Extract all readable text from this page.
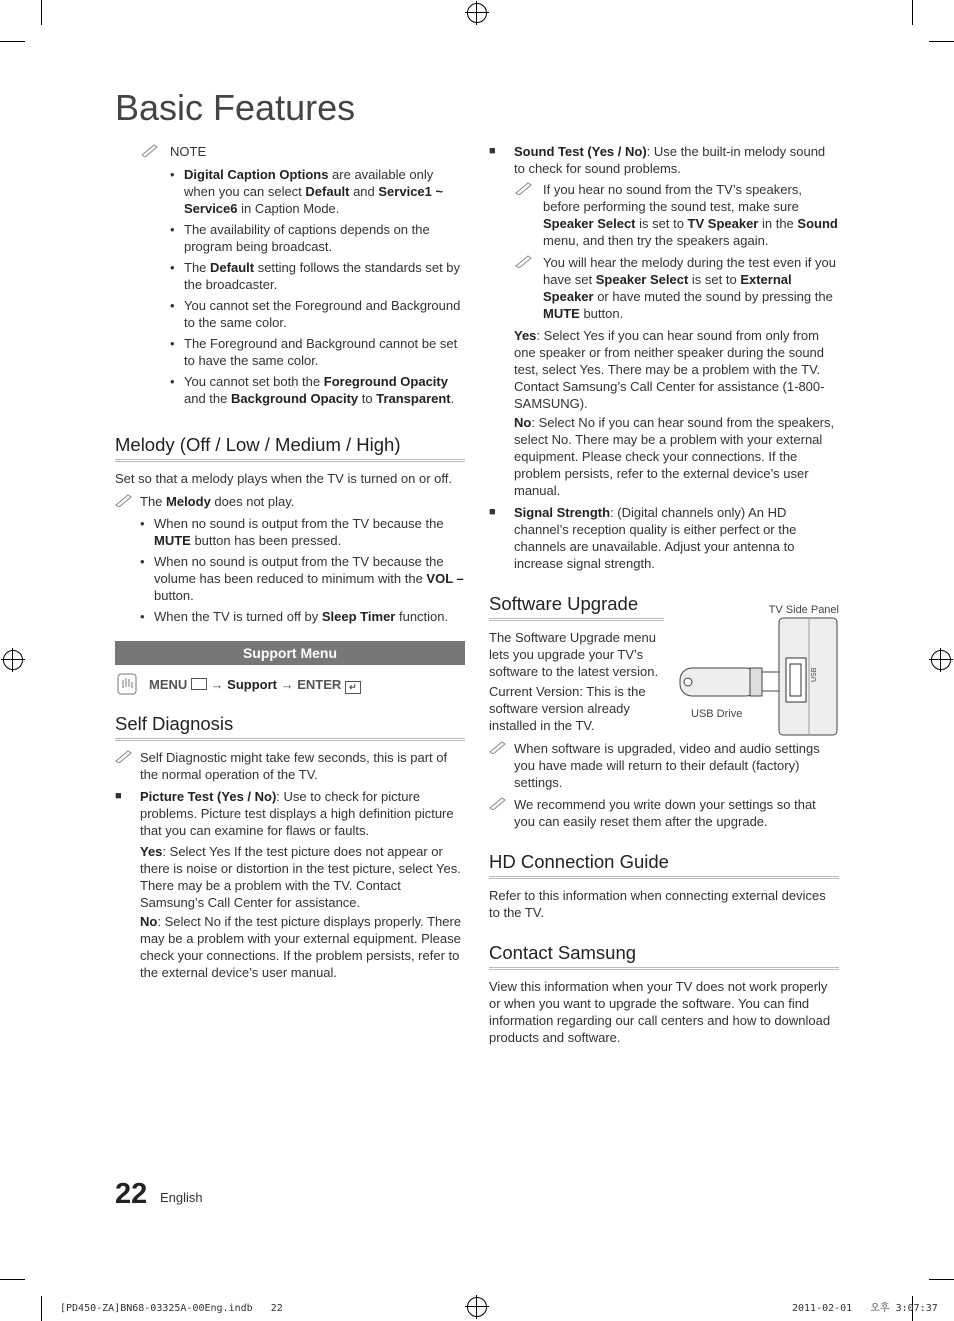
Basic Features
NOTE
• Digital Caption Options are available only when you can select Default and Service1 ~ Service6 in Caption Mode.
• The availability of captions depends on the program being broadcast.
• The Default setting follows the standards set by the broadcaster.
• You cannot set the Foreground and Background to the same color.
• The Foreground and Background cannot be set to have the same color.
• You cannot set both the Foreground Opacity and the Background Opacity to Transparent.
Melody (Off / Low / Medium / High)

Set so that a melody plays when the TV is turned on or off.

The Melody does not play.
• When no sound is output from the TV because the MUTE button has been pressed.
• When no sound is output from the TV because the volume has been reduced to minimum with the VOL – button.
• When the TV is turned off by Sleep Timer function.
Support Menu
MENU → Support → ENTER ↵
Self Diagnosis
Self Diagnostic might take few seconds, this is part of the normal operation of the TV.
■ Picture Test (Yes / No): Use to check for picture problems. Picture test displays a high definition picture that you can examine for flaws or faults.

Yes: Select Yes If the test picture does not appear or there is noise or distortion in the test picture, select Yes. There may be a problem with the TV. Contact Samsung’s Call Center for assistance.

No: Select No if the test picture displays properly. There may be a problem with your external equipment. Please check your connections. If the problem persists, refer to the external device’s user manual.

■ Sound Test (Yes / No): Use the built-in melody sound to check for sound problems.
If you hear no sound from the TV’s speakers, before performing the sound test, make sure Speaker Select is set to TV Speaker in the Sound menu, and then try the speakers again.
You will hear the melody during the test even if you have set Speaker Select is set to External Speaker or have muted the sound by pressing the MUTE button.

Yes: Select Yes if you can hear sound from only from one speaker or from neither speaker during the sound test, select Yes. There may be a problem with the TV. Contact Samsung’s Call Center for assistance (1-800-SAMSUNG).

No: Select No if you can hear sound from the speakers, select No. There may be a problem with your external equipment. Please check your connections. If the problem persists, refer to the external device’s user manual.

■ Signal Strength: (Digital channels only) An HD channel’s reception quality is either perfect or the channels are unavailable. Adjust your antenna to increase signal strength.
Software Upgrade

The Software Upgrade menu lets you upgrade your TV’s software to the latest version.

Current Version: This is the software version already installed in the TV.

When software is upgraded, video and audio settings you have made will return to their default (factory) settings.
We recommend you write down your settings so that you can easily reset them after the upgrade.
TV Side Panel
USB
USB Drive
HD Connection Guide

Refer to this information when connecting external devices to the TV.

Contact Samsung

View this information when your TV does not work properly or when you want to upgrade the software. You can find information regarding our call centers and how to download products and software.

22 English
[PD450-ZA]BN68-03325A-00Eng.indb   22	2011-02-01   오후 3:07:37
